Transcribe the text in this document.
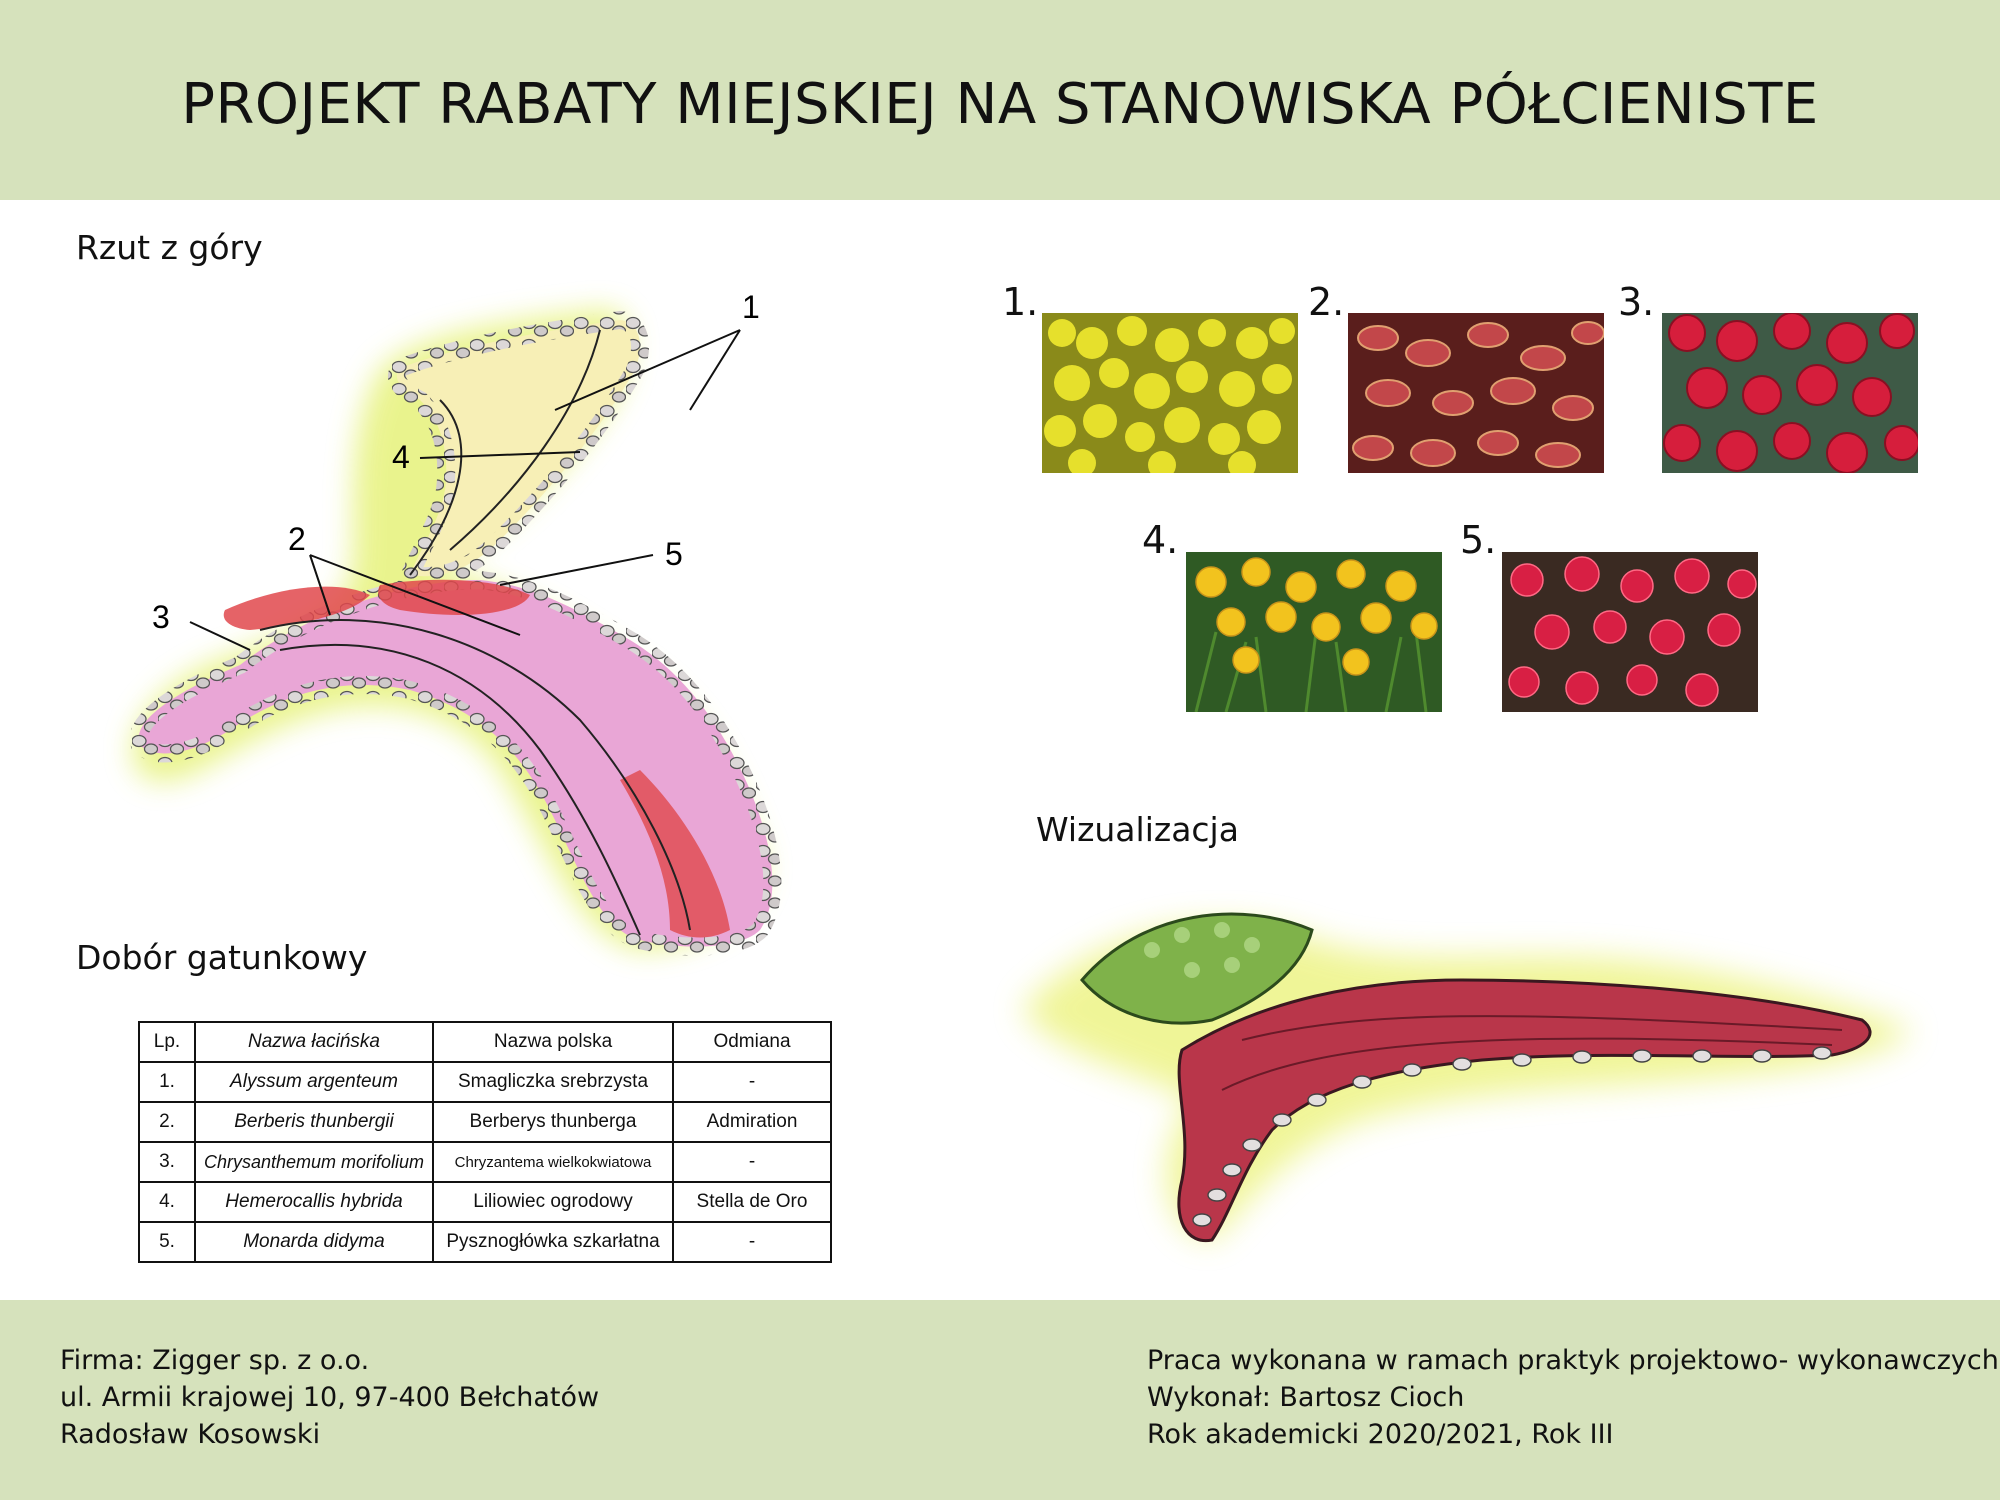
PROJEKT RABATY MIEJSKIEJ NA STANOWISKA PÓŁCIENISTE
Rzut z góry
Wizualizacja
Dobór gatunkowy
1
4
2	5
3
1.	2.	3.
4.	5.
Lp.	Nazwa łacińska	Nazwa polska	Odmiana
1.	Alyssum argenteum	Smagliczka srebrzysta	-
2.	Berberis thunbergii	Berberys thunberga	Admiration
3.	Chrysanthemum morifolium	Chryzantema wielkokwiatowa	-
4.	Hemerocallis hybrida	Liliowiec ogrodowy	Stella de Oro
5.	Monarda didyma	Pysznogłówka szkarłatna	-
Firma: Zigger sp. z o.o.
ul. Armii krajowej 10, 97-400 Bełchatów
Radosław Kosowski
Praca wykonana w ramach praktyk projektowo- wykonawczych
Wykonał: Bartosz Cioch
Rok akademicki 2020/2021, Rok III
